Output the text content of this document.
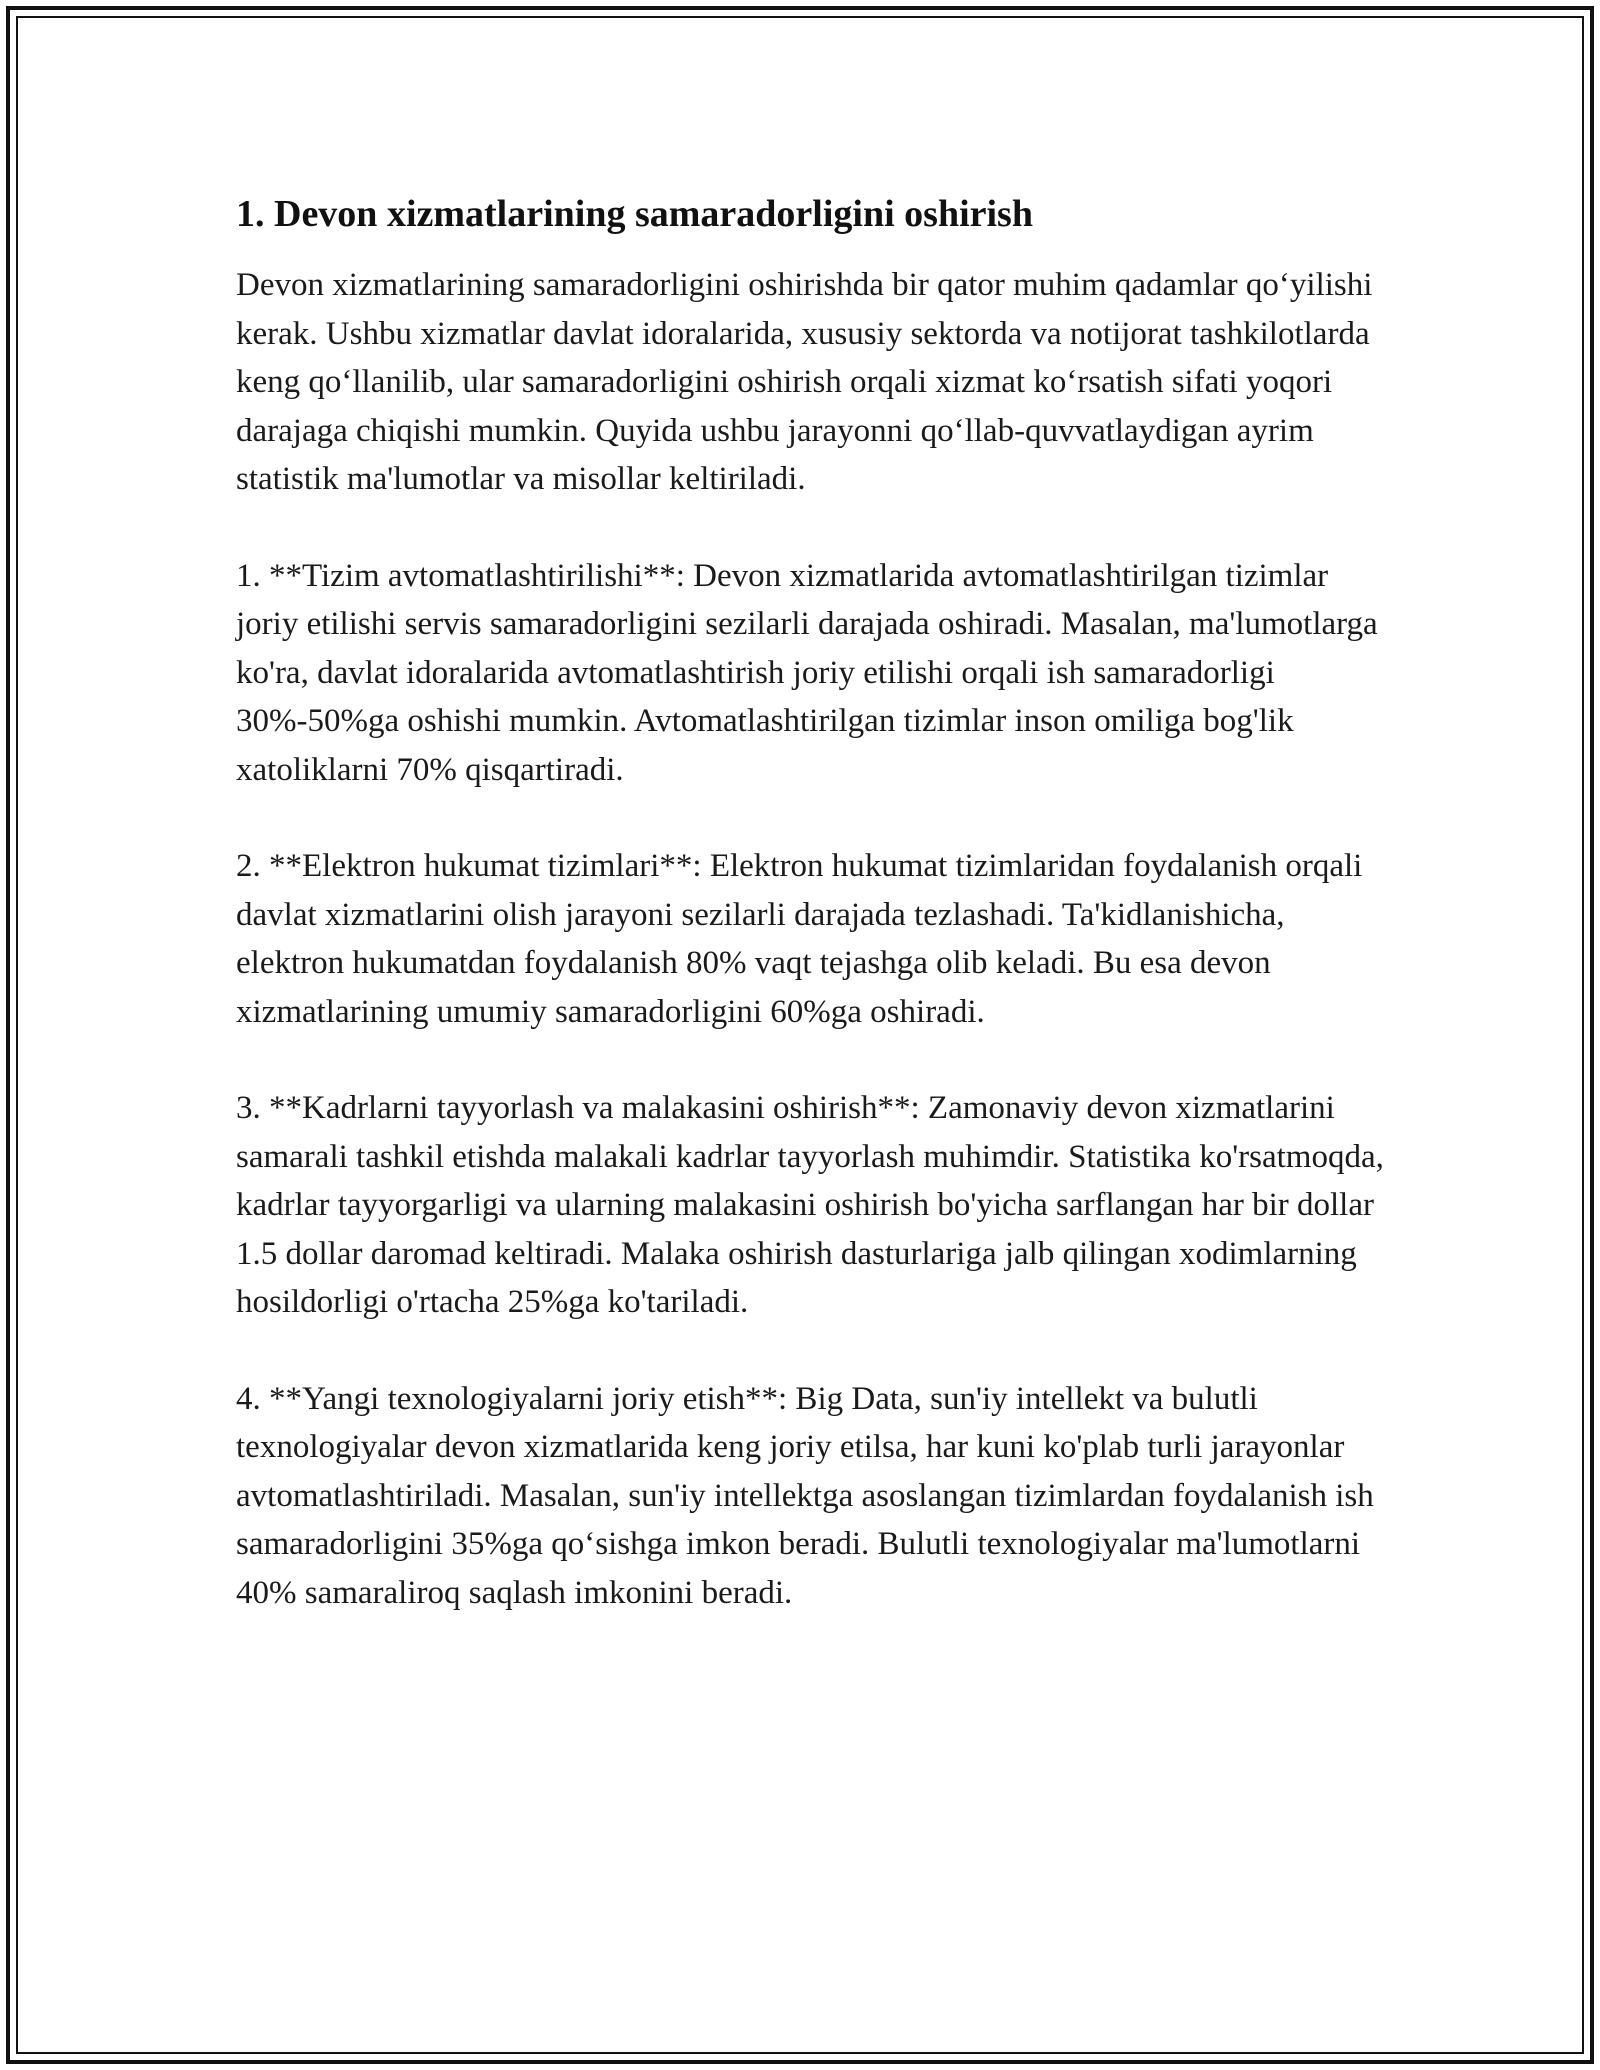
1. Devon xizmatlarining samaradorligini oshirish

Devon xizmatlarining samaradorligini oshirishda bir qator muhim qadamlar qo‘yilishi kerak. Ushbu xizmatlar davlat idoralarida, xususiy sektorda va notijorat tashkilotlarda keng qo‘llanilib, ular samaradorligini oshirish orqali xizmat ko‘rsatish sifati yoqori darajaga chiqishi mumkin. Quyida ushbu jarayonni qo‘llab-quvvatlaydigan ayrim statistik ma'lumotlar va misollar keltiriladi.

1. **Tizim avtomatlashtirilishi**: Devon xizmatlarida avtomatlashtirilgan tizimlar joriy etilishi servis samaradorligini sezilarli darajada oshiradi. Masalan, ma'lumotlarga ko'ra, davlat idoralarida avtomatlashtirish joriy etilishi orqali ish samaradorligi 30%-50%ga oshishi mumkin. Avtomatlashtirilgan tizimlar inson omiliga bog'lik xatoliklarni 70% qisqartiradi.

2. **Elektron hukumat tizimlari**: Elektron hukumat tizimlaridan foydalanish orqali davlat xizmatlarini olish jarayoni sezilarli darajada tezlashadi. Ta'kidlanishicha, elektron hukumatdan foydalanish 80% vaqt tejashga olib keladi. Bu esa devon xizmatlarining umumiy samaradorligini 60%ga oshiradi.

3. **Kadrlarni tayyorlash va malakasini oshirish**: Zamonaviy devon xizmatlarini samarali tashkil etishda malakali kadrlar tayyorlash muhimdir. Statistika ko'rsatmoqda, kadrlar tayyorgarligi va ularning malakasini oshirish bo'yicha sarflangan har bir dollar 1.5 dollar daromad keltiradi. Malaka oshirish dasturlariga jalb qilingan xodimlarning hosildorligi o'rtacha 25%ga ko'tariladi.

4. **Yangi texnologiyalarni joriy etish**: Big Data, sun'iy intellekt va bulutli texnologiyalar devon xizmatlarida keng joriy etilsa, har kuni ko'plab turli jarayonlar avtomatlashtiriladi. Masalan, sun'iy intellektga asoslangan tizimlardan foydalanish ish samaradorligini 35%ga qo‘sishga imkon beradi. Bulutli texnologiyalar ma'lumotlarni 40% samaraliroq saqlash imkonini beradi.
